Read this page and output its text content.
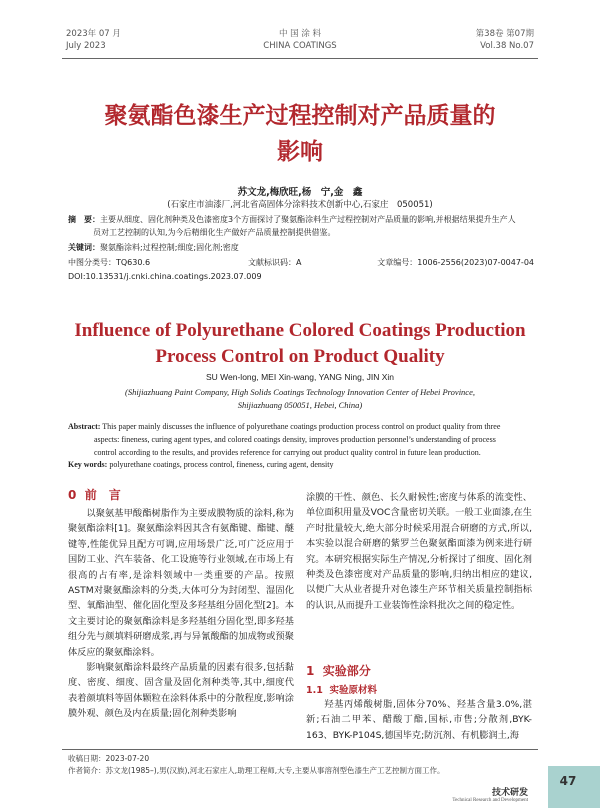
2023年 07 月
July 2023
中 国 涂 料
CHINA COATINGS
第38卷 第07期
Vol.38 No.07
聚氨酯色漆生产过程控制对产品质量的
影响
苏文龙,梅欣旺,杨　宁,金　鑫
(石家庄市油漆厂,河北省高固体分涂料技术创新中心,石家庄　050051)
摘　要：主要从细度、固化剂种类及色漆密度3个方面探讨了聚氨酯涂料生产过程控制对产品质量的影响,并根据结果提升生产人
员对工艺控制的认知,为今后精细化生产做好产品质量控制提供借鉴。
关键词：聚氨酯涂料;过程控制;细度;固化剂;密度
中图分类号：TQ630.6	文献标识码：A	文章编号：1006-2556(2023)07-0047-04
DOI:10.13531/j.cnki.china.coatings.2023.07.009
Influence of Polyurethane Colored Coatings Production
Process Control on Product Quality
SU Wen-long, MEI Xin-wang, YANG Ning, JIN Xin
(Shijiazhuang Paint Company, High Solids Coatings Technology Innovation Center of Hebei Province, Shijiazhuang 050051, Hebei, China)
Abstract: This paper mainly discusses the influence of polyurethane coatings production process control on product quality from three
aspects: fineness, curing agent types, and colored coatings density, improves production personnel’s understanding of process
control according to the results, and provides reference for carrying out product quality control in future lean production.
Key words: polyurethane coatings, process control, fineness, curing agent, density
0 前　言

以聚氨基甲酸酯树脂作为主要成膜物质的涂料,称为聚氨酯涂料[1]。聚氨酯涂料因其含有氨酯键、酯键、醚键等,性能优异且配方可调,应用场景广泛,可广泛应用于国防工业、汽车装备、化工设施等行业领域,在市场上有很高的占有率,是涂料领域中一类重要的产品。按照ASTM对聚氨酯涂料的分类,大体可分为封闭型、湿固化型、氧酯油型、催化固化型及多羟基组分固化型[2]。本文主要讨论的聚氨酯涂料是多羟基组分固化型,即多羟基组分先与颜填料研磨成浆,再与异氰酸酯的加成物或预聚体反应的聚氨酯涂料。

影响聚氨酯涂料最终产品质量的因素有很多,包括黏度、密度、细度、固含量及固化剂种类等,其中,细度代表着颜填料等固体颗粒在涂料体系中的分散程度,影响涂膜外观、颜色及内在质量;固化剂种类影响

涂膜的干性、颜色、长久耐候性;密度与体系的流变性、单位面积用量及VOC含量密切关联。一般工业面漆,在生产时批量较大,绝大部分时候采用混合研磨的方式,所以,本实验以混合研磨的紫罗兰色聚氨酯面漆为例来进行研究。本研究根据实际生产情况,分析探讨了细度、固化剂种类及色漆密度对产品质量的影响,归纳出相应的建议,以便广大从业者提升对色漆生产环节相关质量控制指标的认识,从而提升工业装饰性涂料批次之间的稳定性。

1 实验部分
1.1 实验原材料

羟基丙烯酸树脂,固体分70%、羟基含量3.0%,湛新;石油二甲苯、醋酸丁酯,国标,市售;分散剂,BYK-163、BYK-P104S,德国毕克;防沉剂、有机膨润土,海

收稿日期：2023-07-20
作者简介：苏文龙(1985–),男(汉族),河北石家庄人,助理工程师,大专,主要从事溶剂型色漆生产工艺控制方面工作。
技术研发
Technical Research and Development
47
